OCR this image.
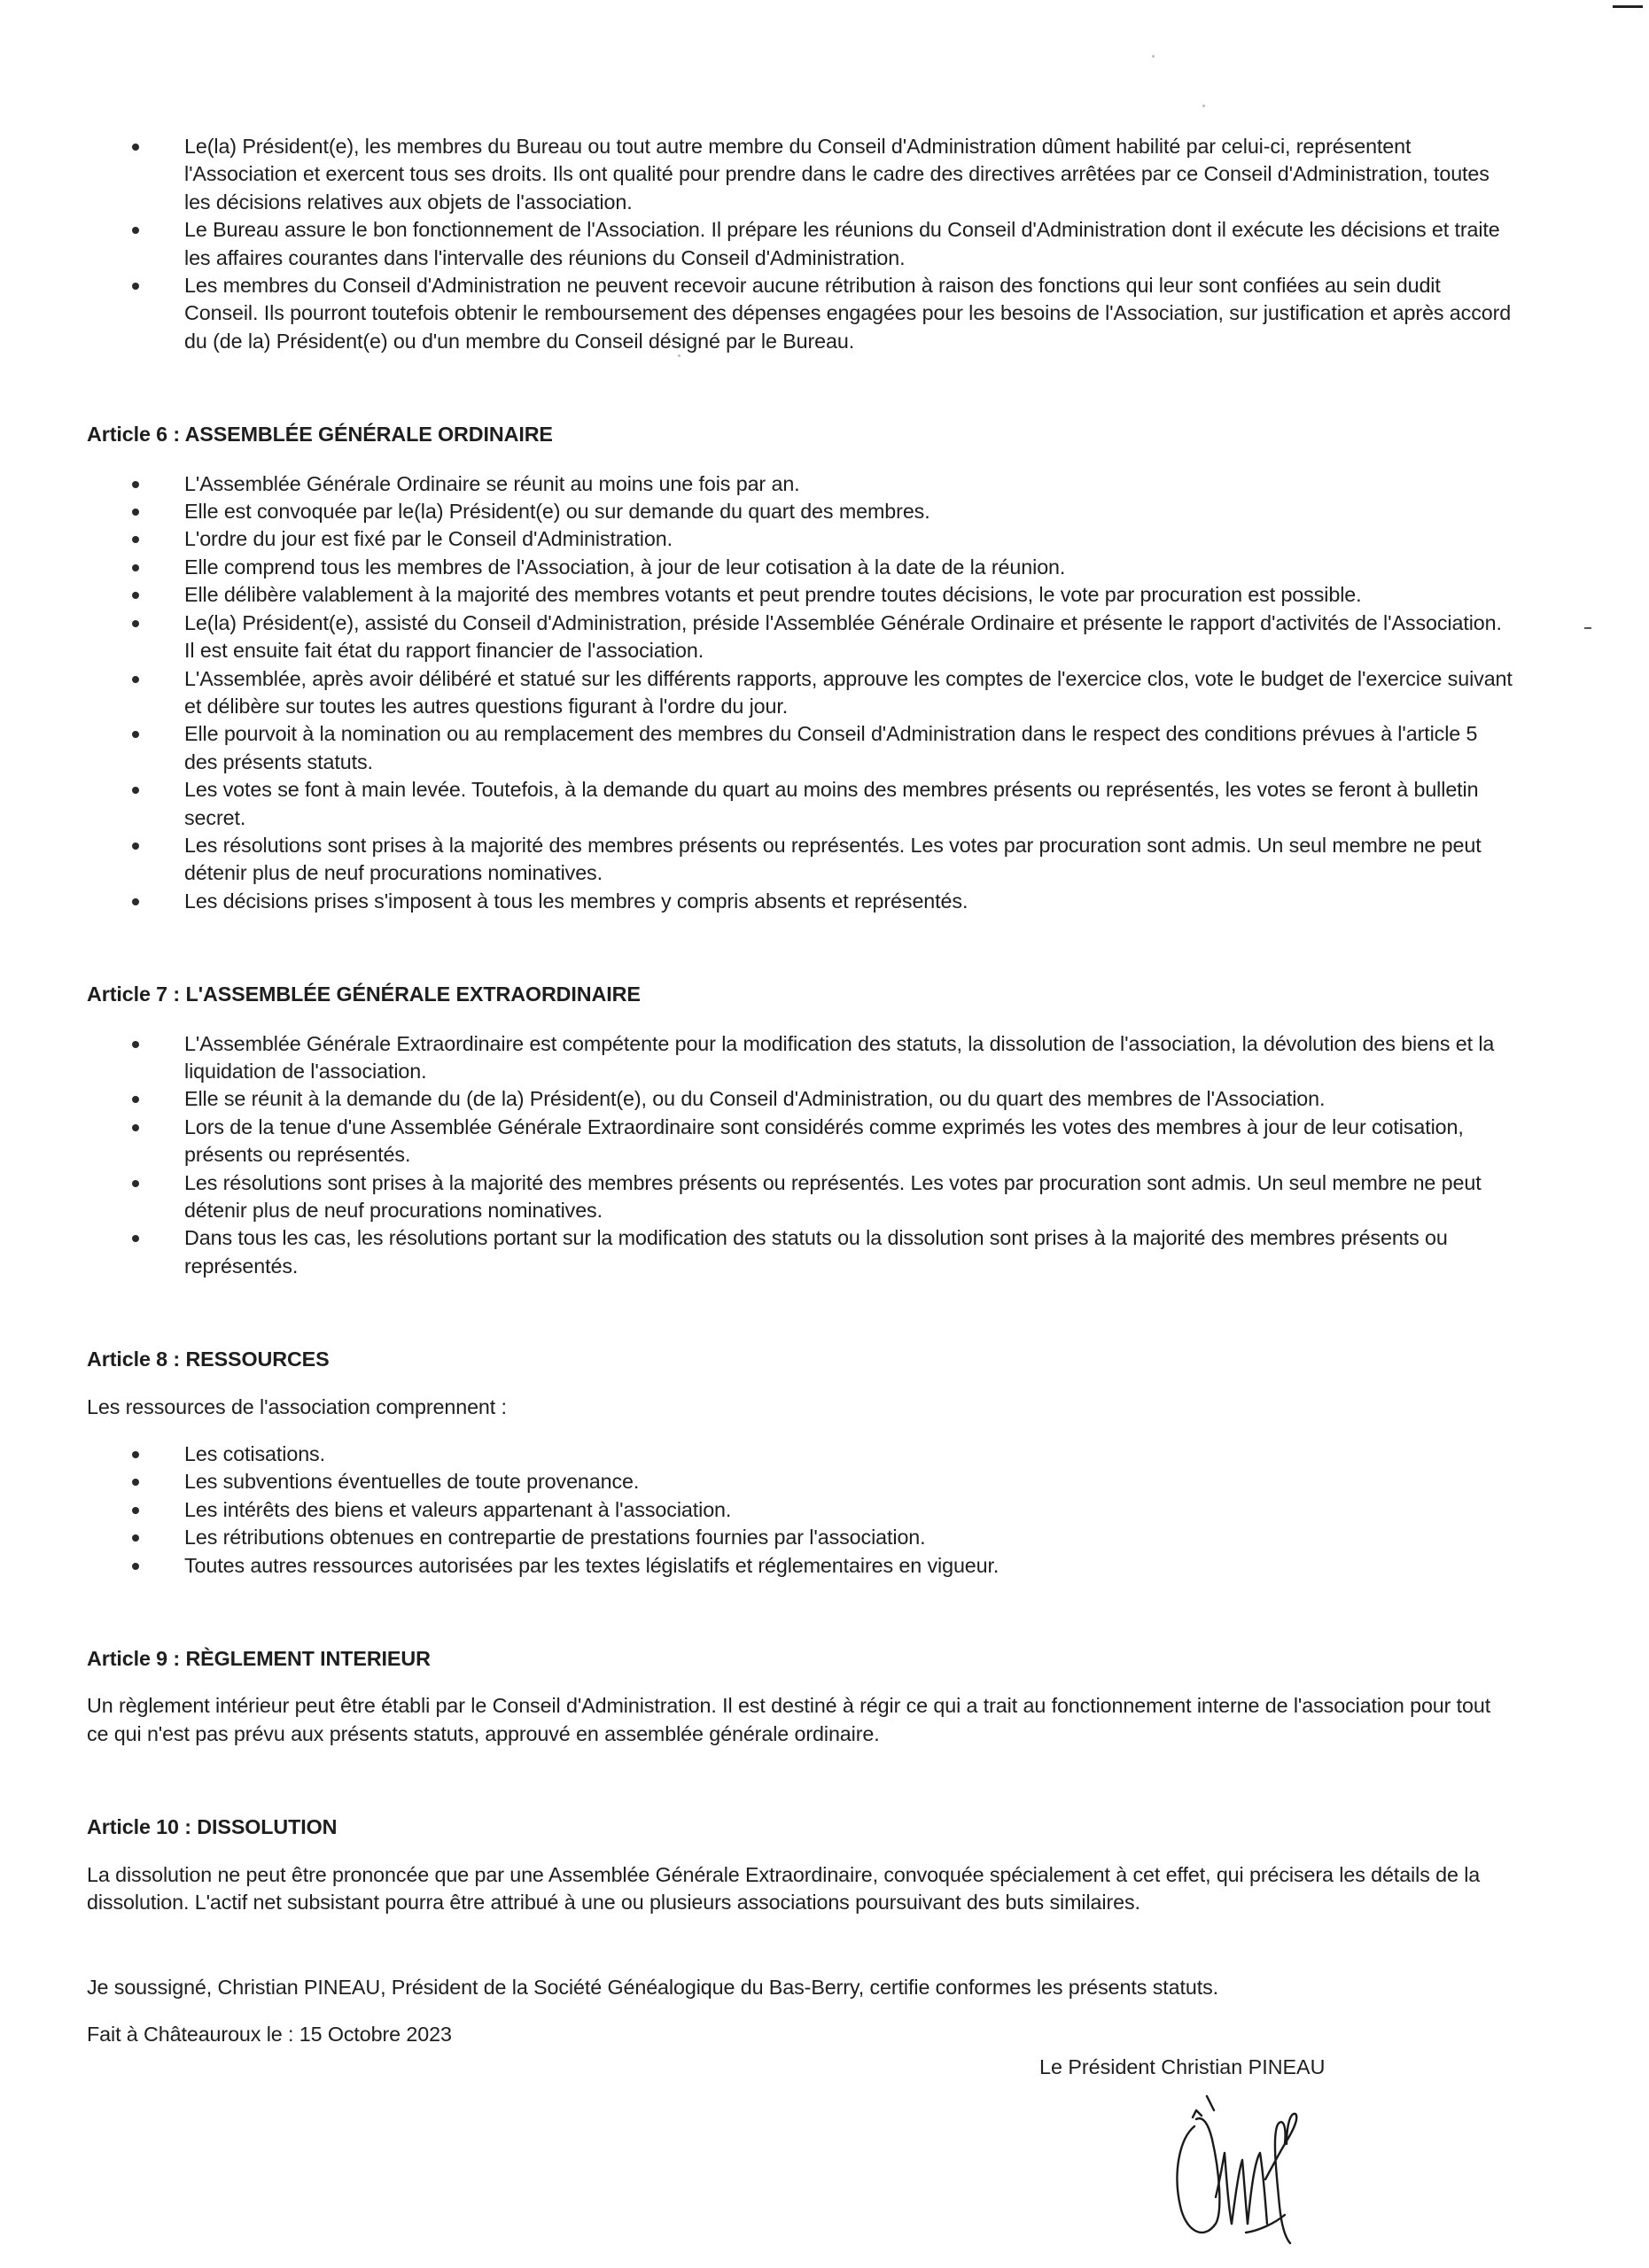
Le(la) Président(e), les membres du Bureau ou tout autre membre du Conseil d'Administration dûment habilité par celui-ci, représentent l'Association et exercent tous ses droits. Ils ont qualité pour prendre dans le cadre des directives arrêtées par ce Conseil d'Administration, toutes les décisions relatives aux objets de l'association.
Le Bureau assure le bon fonctionnement de l'Association. Il prépare les réunions du Conseil d'Administration dont il exécute les décisions et traite les affaires courantes dans l'intervalle des réunions du Conseil d'Administration.
Les membres du Conseil d'Administration ne peuvent recevoir aucune rétribution à raison des fonctions qui leur sont confiées au sein dudit Conseil. Ils pourront toutefois obtenir le remboursement des dépenses engagées pour les besoins de l'Association, sur justification et après accord du (de la) Président(e) ou d'un membre du Conseil désigné par le Bureau.
Article 6 : ASSEMBLÉE GÉNÉRALE ORDINAIRE
L'Assemblée Générale Ordinaire se réunit au moins une fois par an.
Elle est convoquée par le(la) Président(e) ou sur demande du quart des membres.
L'ordre du jour est fixé par le Conseil d'Administration.
Elle comprend tous les membres de l'Association, à jour de leur cotisation à la date de la réunion.
Elle délibère valablement à la majorité des membres votants et peut prendre toutes décisions, le vote par procuration est possible.
Le(la) Président(e), assisté du Conseil d'Administration, préside l'Assemblée Générale Ordinaire et présente le rapport d'activités de l'Association. Il est ensuite fait état du rapport financier de l'association.
L'Assemblée, après avoir délibéré et statué sur les différents rapports, approuve les comptes de l'exercice clos, vote le budget de l'exercice suivant et délibère sur toutes les autres questions figurant à l'ordre du jour.
Elle pourvoit à la nomination ou au remplacement des membres du Conseil d'Administration dans le respect des conditions prévues à l'article 5 des présents statuts.
Les votes se font à main levée. Toutefois, à la demande du quart au moins des membres présents ou représentés, les votes se feront à bulletin secret.
Les résolutions sont prises à la majorité des membres présents ou représentés. Les votes par procuration sont admis. Un seul membre ne peut détenir plus de neuf procurations nominatives.
Les décisions prises s'imposent à tous les membres y compris absents et représentés.
Article 7 : L'ASSEMBLÉE GÉNÉRALE EXTRAORDINAIRE
L'Assemblée Générale Extraordinaire est compétente pour la modification des statuts, la dissolution de l'association, la dévolution des biens et la liquidation de l'association.
Elle se réunit à la demande du (de la) Président(e), ou du Conseil d'Administration, ou du quart des membres de l'Association.
Lors de la tenue d'une Assemblée Générale Extraordinaire sont considérés comme exprimés les votes des membres à jour de leur cotisation, présents ou représentés.
Les résolutions sont prises à la majorité des membres présents ou représentés. Les votes par procuration sont admis. Un seul membre ne peut détenir plus de neuf procurations nominatives.
Dans tous les cas, les résolutions portant sur la modification des statuts ou la dissolution sont prises à la majorité des membres présents ou représentés.
Article 8 : RESSOURCES

Les ressources de l'association comprennent :

Les cotisations.
Les subventions éventuelles de toute provenance.
Les intérêts des biens et valeurs appartenant à l'association.
Les rétributions obtenues en contrepartie de prestations fournies par l'association.
Toutes autres ressources autorisées par les textes législatifs et réglementaires en vigueur.
Article 9 : RÈGLEMENT INTERIEUR

Un règlement intérieur peut être établi par le Conseil d'Administration. Il est destiné à régir ce qui a trait au fonctionnement interne de l'association pour tout ce qui n'est pas prévu aux présents statuts, approuvé en assemblée générale ordinaire.

Article 10 : DISSOLUTION

La dissolution ne peut être prononcée que par une Assemblée Générale Extraordinaire, convoquée spécialement à cet effet, qui précisera les détails de la dissolution. L'actif net subsistant pourra être attribué à une ou plusieurs associations poursuivant des buts similaires.

Je soussigné, Christian PINEAU, Président de la Société Généalogique du Bas-Berry, certifie conformes les présents statuts.

Fait à Châteauroux le : 15 Octobre 2023

Le Président Christian PINEAU
